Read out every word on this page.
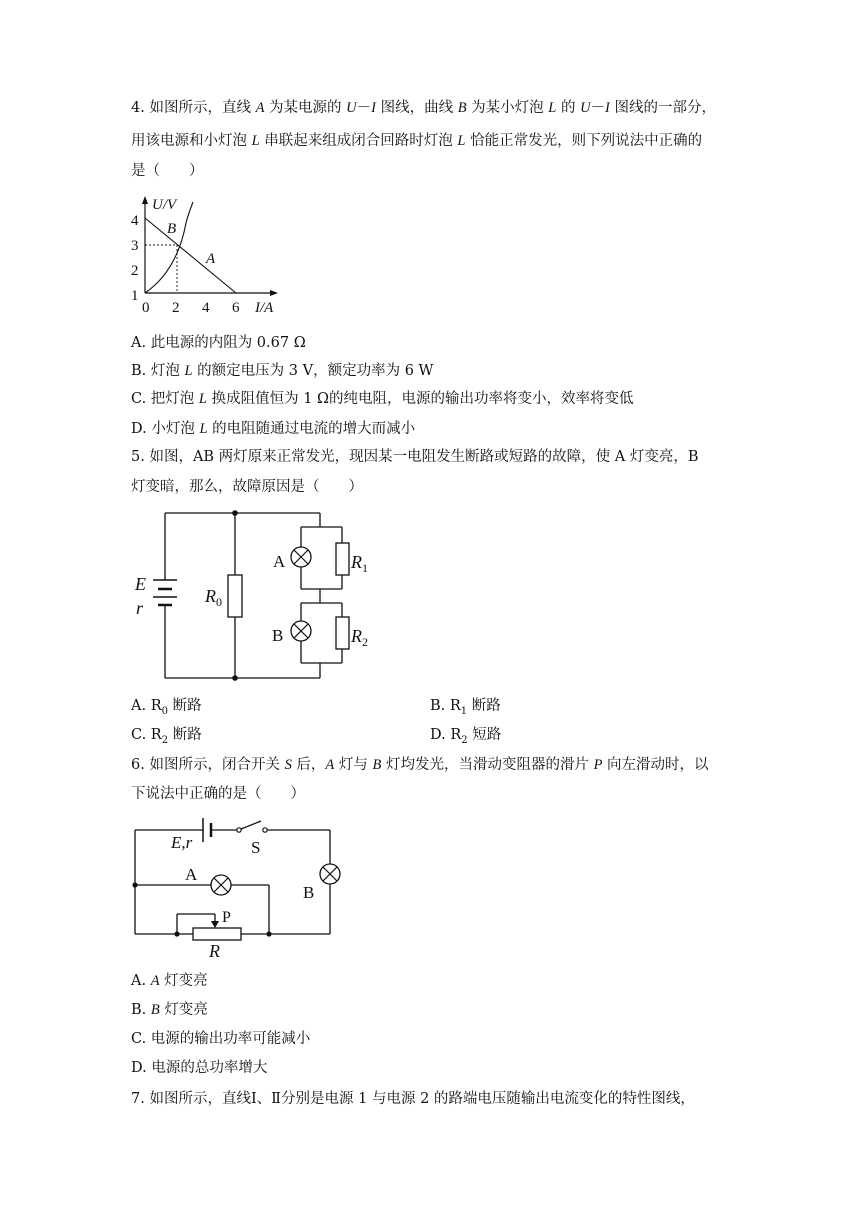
4. 如图所示，直线 A 为某电源的 U－I 图线，曲线 B 为某小灯泡 L 的 U－I 图线的一部分，
用该电源和小灯泡 L 串联起来组成闭合回路时灯泡 L 恰能正常发光，则下列说法中正确的
是（　　）
U/V
I/A
4
3
2
1
0 2 4 6
B
A
A. 此电源的内阻为 0.67 Ω
B. 灯泡 L 的额定电压为 3 V，额定功率为 6 W
C. 把灯泡 L 换成阻值恒为 1 Ω的纯电阻，电源的输出功率将变小，效率将变低
D. 小灯泡 L 的电阻随通过电流的增大而减小
5. 如图，AB 两灯原来正常发光，现因某一电阻发生断路或短路的故障，使 A 灯变亮，B
灯变暗，那么，故障原因是（　　）
E
r
$R_0$
A	$R_1$
B	$R_2$
A. $R_0$ 断路	B. $R_1$ 断路
C. $R_2$ 断路	D. $R_2$ 短路
6. 如图所示，闭合开关 S 后，A 灯与 B 灯均发光，当滑动变阻器的滑片 P 向左滑动时，以
下说法中正确的是（　　）
E,r	S
B
A
P
R
A. A 灯变亮
B. B 灯变亮
C. 电源的输出功率可能减小
D. 电源的总功率增大
7. 如图所示，直线Ⅰ、Ⅱ分别是电源 1 与电源 2 的路端电压随输出电流变化的特性图线，
